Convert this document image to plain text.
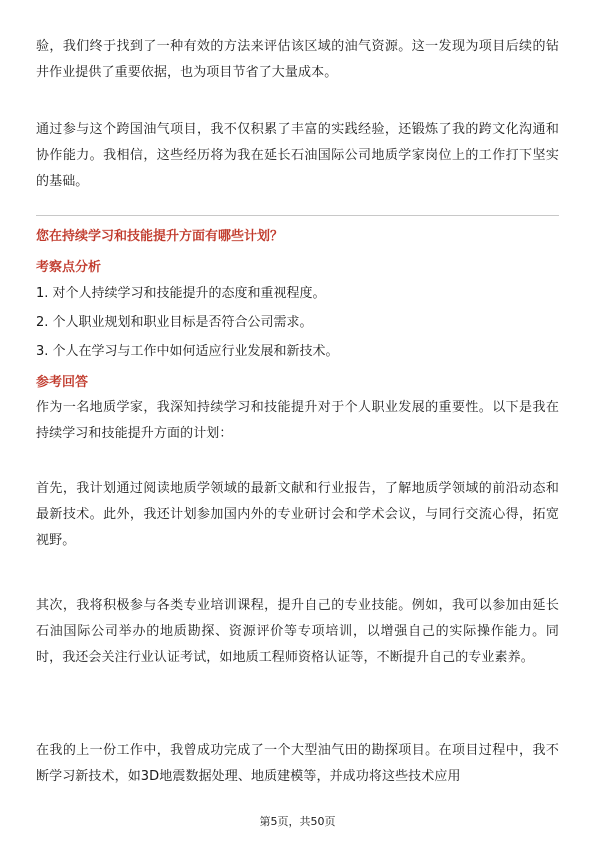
验，我们终于找到了一种有效的方法来评估该区域的油气资源。这一发现为项目后续的钻井作业提供了重要依据，也为项目节省了大量成本。

通过参与这个跨国油气项目，我不仅积累了丰富的实践经验，还锻炼了我的跨文化沟通和协作能力。我相信，这些经历将为我在延长石油国际公司地质学家岗位上的工作打下坚实的基础。

您在持续学习和技能提升方面有哪些计划？

考察点分析

1. 对个人持续学习和技能提升的态度和重视程度。

2. 个人职业规划和职业目标是否符合公司需求。

3. 个人在学习与工作中如何适应行业发展和新技术。

参考回答

作为一名地质学家，我深知持续学习和技能提升对于个人职业发展的重要性。以下是我在持续学习和技能提升方面的计划：

首先，我计划通过阅读地质学领域的最新文献和行业报告，了解地质学领域的前沿动态和最新技术。此外，我还计划参加国内外的专业研讨会和学术会议，与同行交流心得，拓宽视野。

其次，我将积极参与各类专业培训课程，提升自己的专业技能。例如，我可以参加由延长石油国际公司举办的地质勘探、资源评价等专项培训，以增强自己的实际操作能力。同时，我还会关注行业认证考试，如地质工程师资格认证等，不断提升自己的专业素养。

在我的上一份工作中，我曾成功完成了一个大型油气田的勘探项目。在项目过程中，我不断学习新技术，如3D地震数据处理、地质建模等，并成功将这些技术应用

第5页，共50页
